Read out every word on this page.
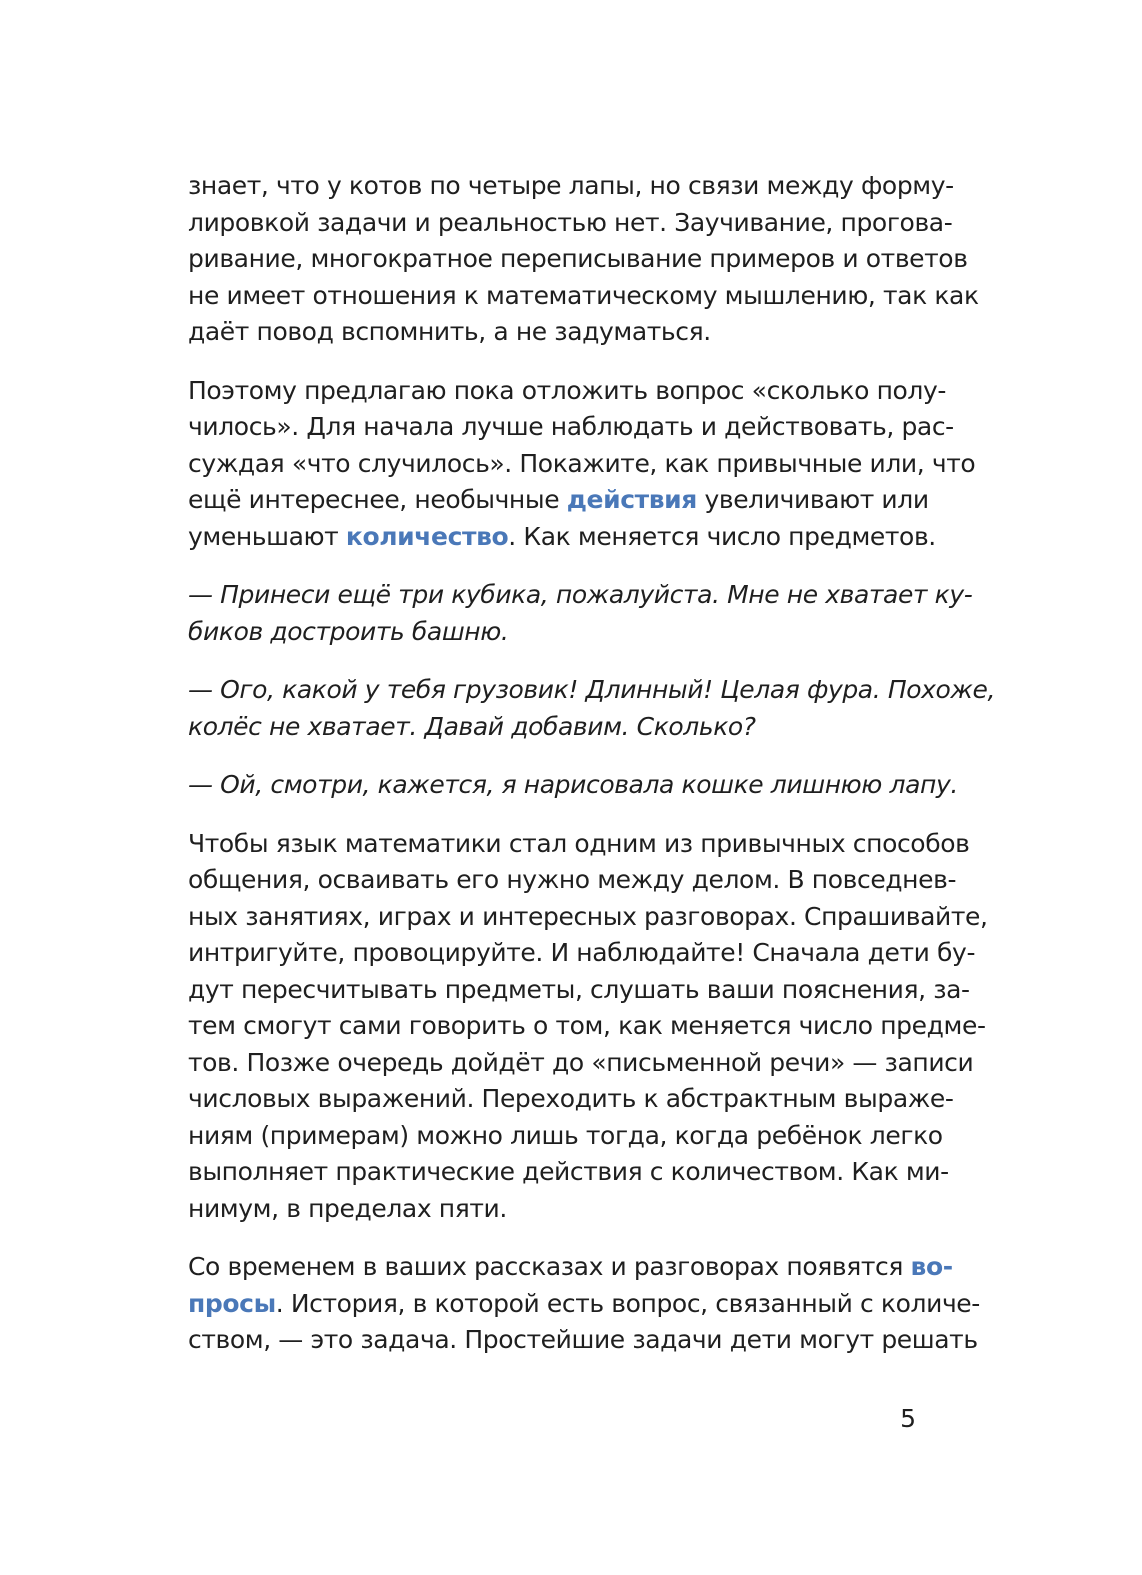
знает, что у котов по четыре лапы, но связи между форму-
лировкой задачи и реальностью нет. Заучивание, прогова-
ривание, многократное переписывание примеров и ответов
не имеет отношения к математическому мышлению, так как
даёт повод вспомнить, а не задуматься.
Поэтому предлагаю пока отложить вопрос «сколько полу-
чилось». Для начала лучше наблюдать и действовать, рас-
суждая «что случилось». Покажите, как привычные или, что
ещё интереснее, необычные действия увеличивают или
уменьшают количество. Как меняется число предметов.
— Принеси ещё три кубика, пожалуйста. Мне не хватает ку-
биков достроить башню.
— Ого, какой у тебя грузовик! Длинный! Целая фура. Похоже,
колёс не хватает. Давай добавим. Сколько?
— Ой, смотри, кажется, я нарисовала кошке лишнюю лапу.
Чтобы язык математики стал одним из привычных способов
общения, осваивать его нужно между делом. В повседнев-
ных занятиях, играх и интересных разговорах. Спрашивайте,
интригуйте, провоцируйте. И наблюдайте! Сначала дети бу-
дут пересчитывать предметы, слушать ваши пояснения, за-
тем смогут сами говорить о том, как меняется число предме-
тов. Позже очередь дойдёт до «письменной речи» — записи
числовых выражений. Переходить к абстрактным выраже-
ниям (примерам) можно лишь тогда, когда ребёнок легко
выполняет практические действия с количеством. Как ми-
нимум, в пределах пяти.
Со временем в ваших рассказах и разговорах появятся во-
просы. История, в которой есть вопрос, связанный с количе-
ством, — это задача. Простейшие задачи дети могут решать
5
